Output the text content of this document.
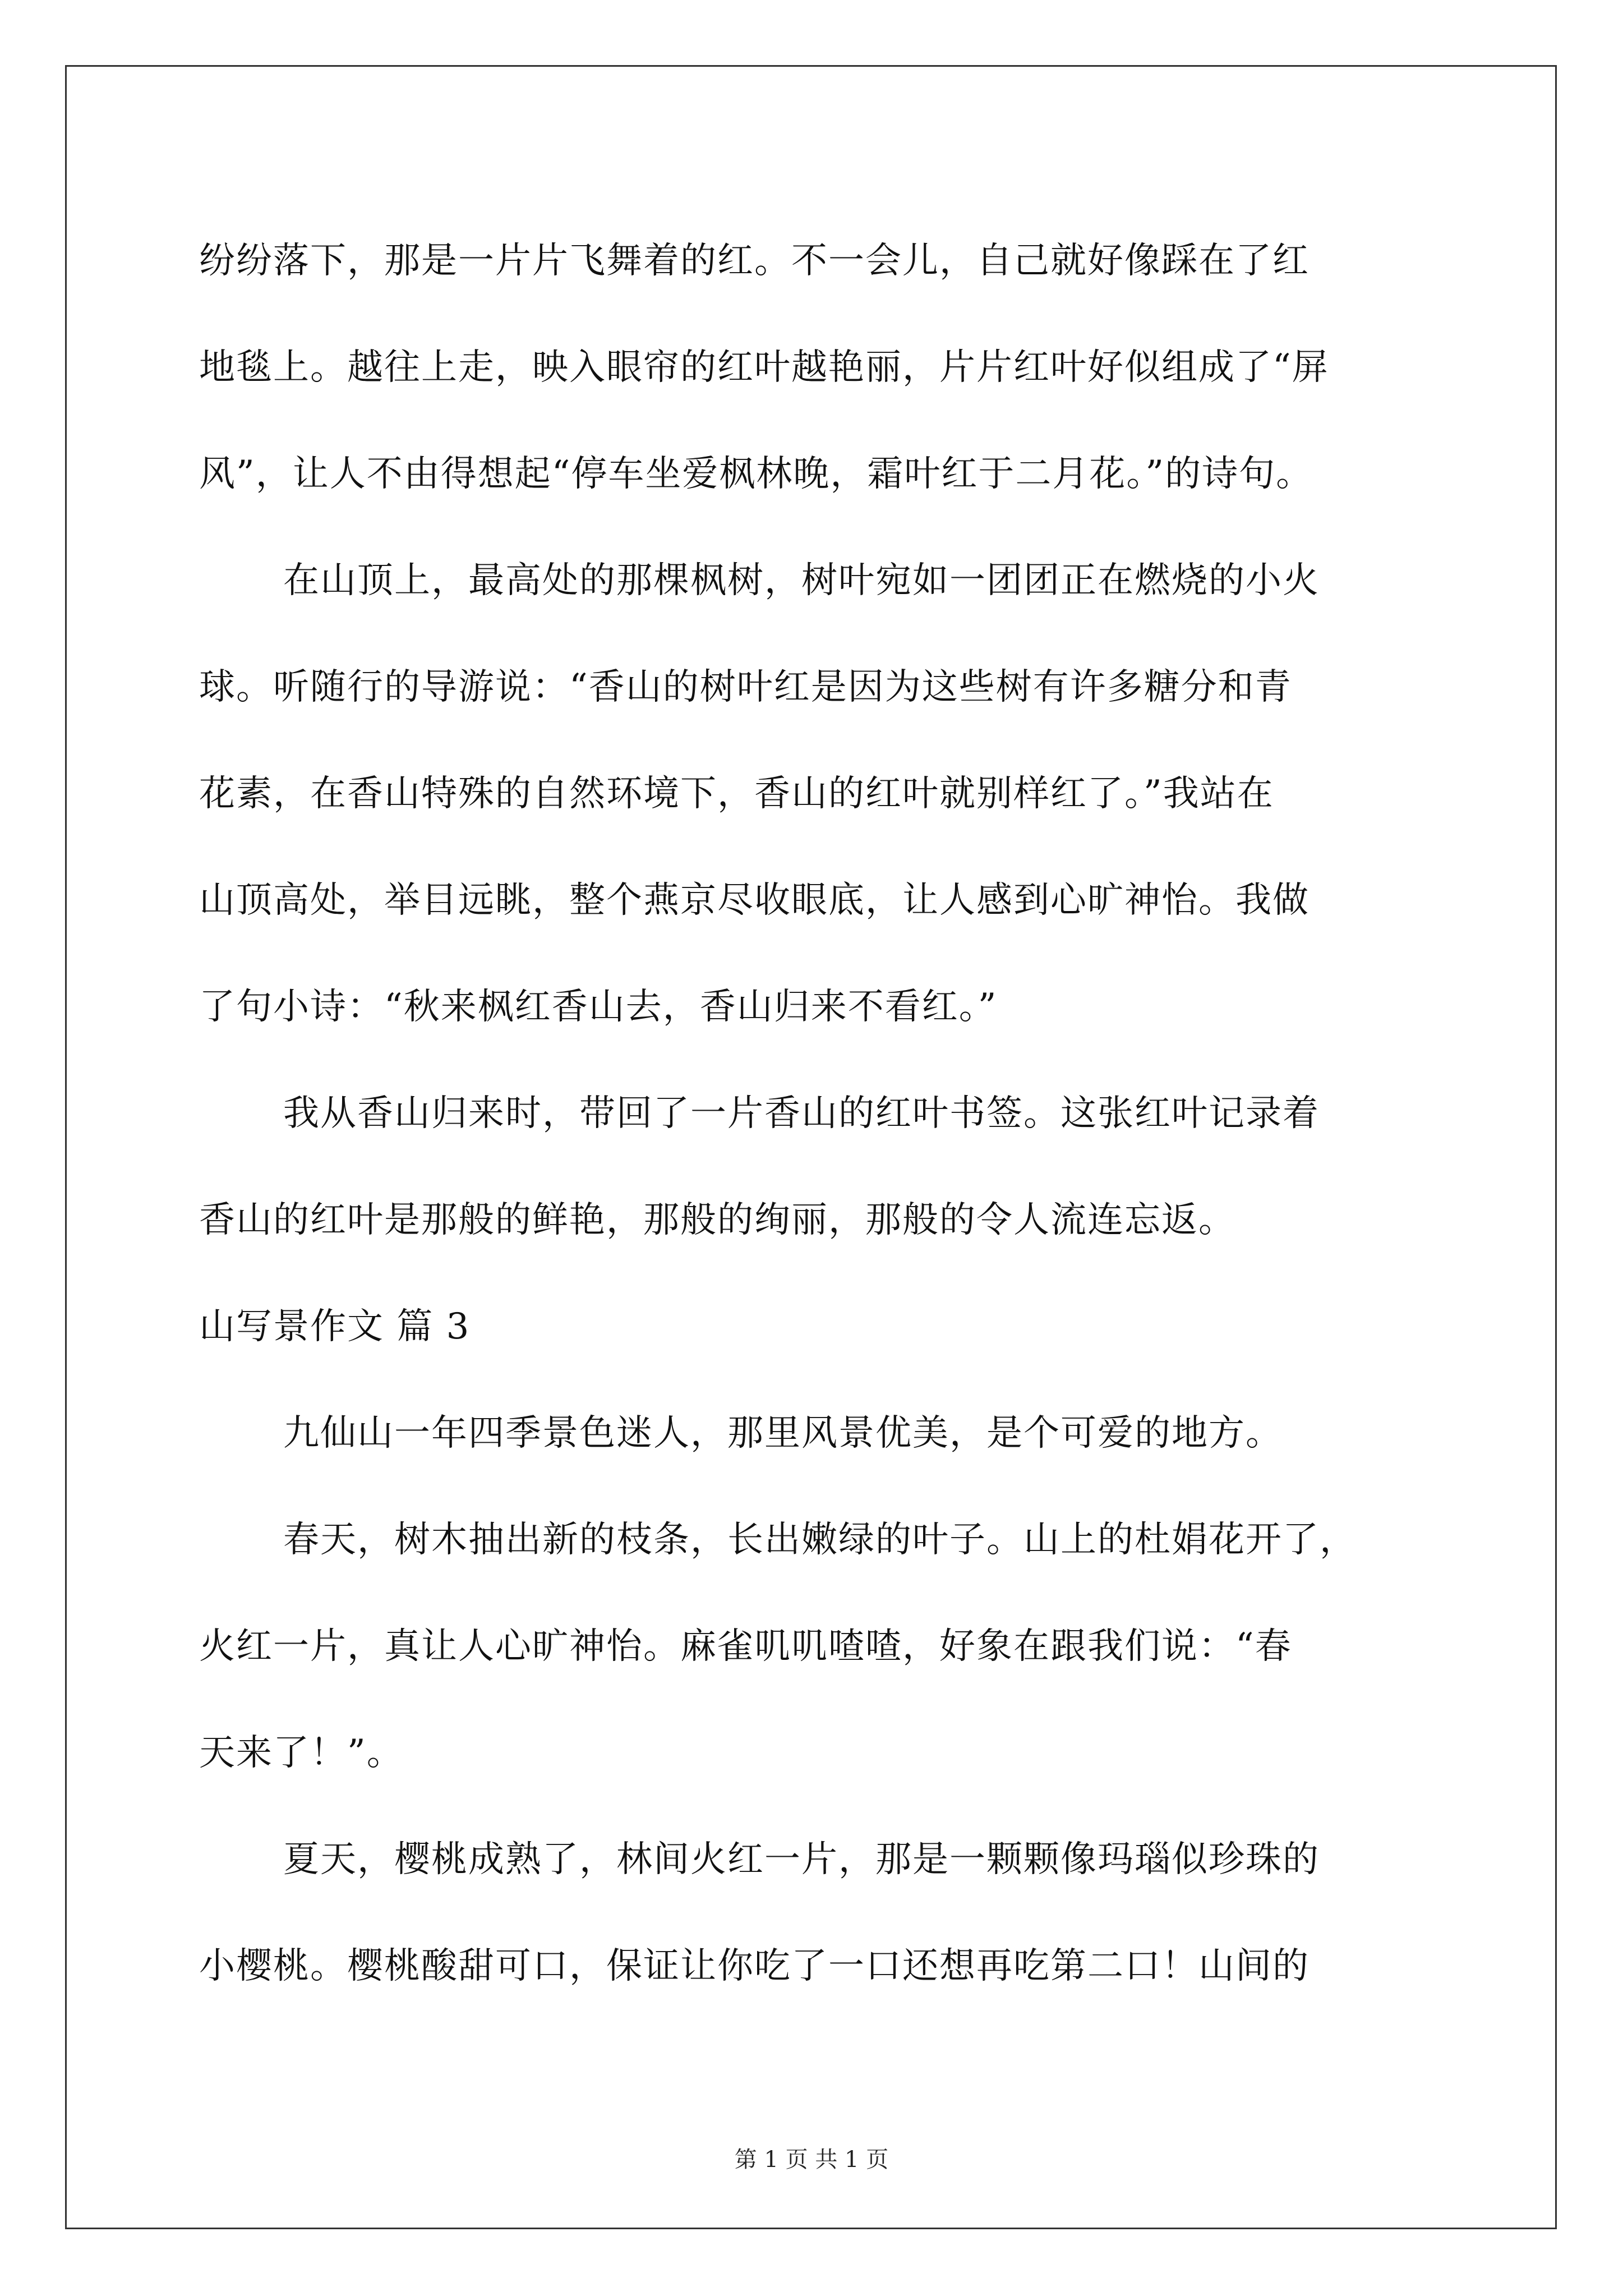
纷纷落下，那是一片片飞舞着的红。不一会儿，自己就好像踩在了红
地毯上。越往上走，映入眼帘的红叶越艳丽，片片红叶好似组成了“屏
风”，让人不由得想起“停车坐爱枫林晚，霜叶红于二月花。”的诗句。
在山顶上，最高处的那棵枫树，树叶宛如一团团正在燃烧的小火
球。听随行的导游说：“香山的树叶红是因为这些树有许多糖分和青
花素，在香山特殊的自然环境下，香山的红叶就别样红了。”我站在
山顶高处，举目远眺，整个燕京尽收眼底，让人感到心旷神怡。我做
了句小诗：“秋来枫红香山去，香山归来不看红。”
我从香山归来时，带回了一片香山的红叶书签。这张红叶记录着
香山的红叶是那般的鲜艳，那般的绚丽，那般的令人流连忘返。
山写景作文 篇 3
九仙山一年四季景色迷人，那里风景优美，是个可爱的地方。
春天，树木抽出新的枝条，长出嫩绿的叶子。山上的杜娟花开了，
火红一片，真让人心旷神怡。麻雀叽叽喳喳，好象在跟我们说：“春
天来了！”。
夏天，樱桃成熟了，林间火红一片，那是一颗颗像玛瑙似珍珠的
小樱桃。樱桃酸甜可口，保证让你吃了一口还想再吃第二口！山间的
第 1 页 共 1 页
